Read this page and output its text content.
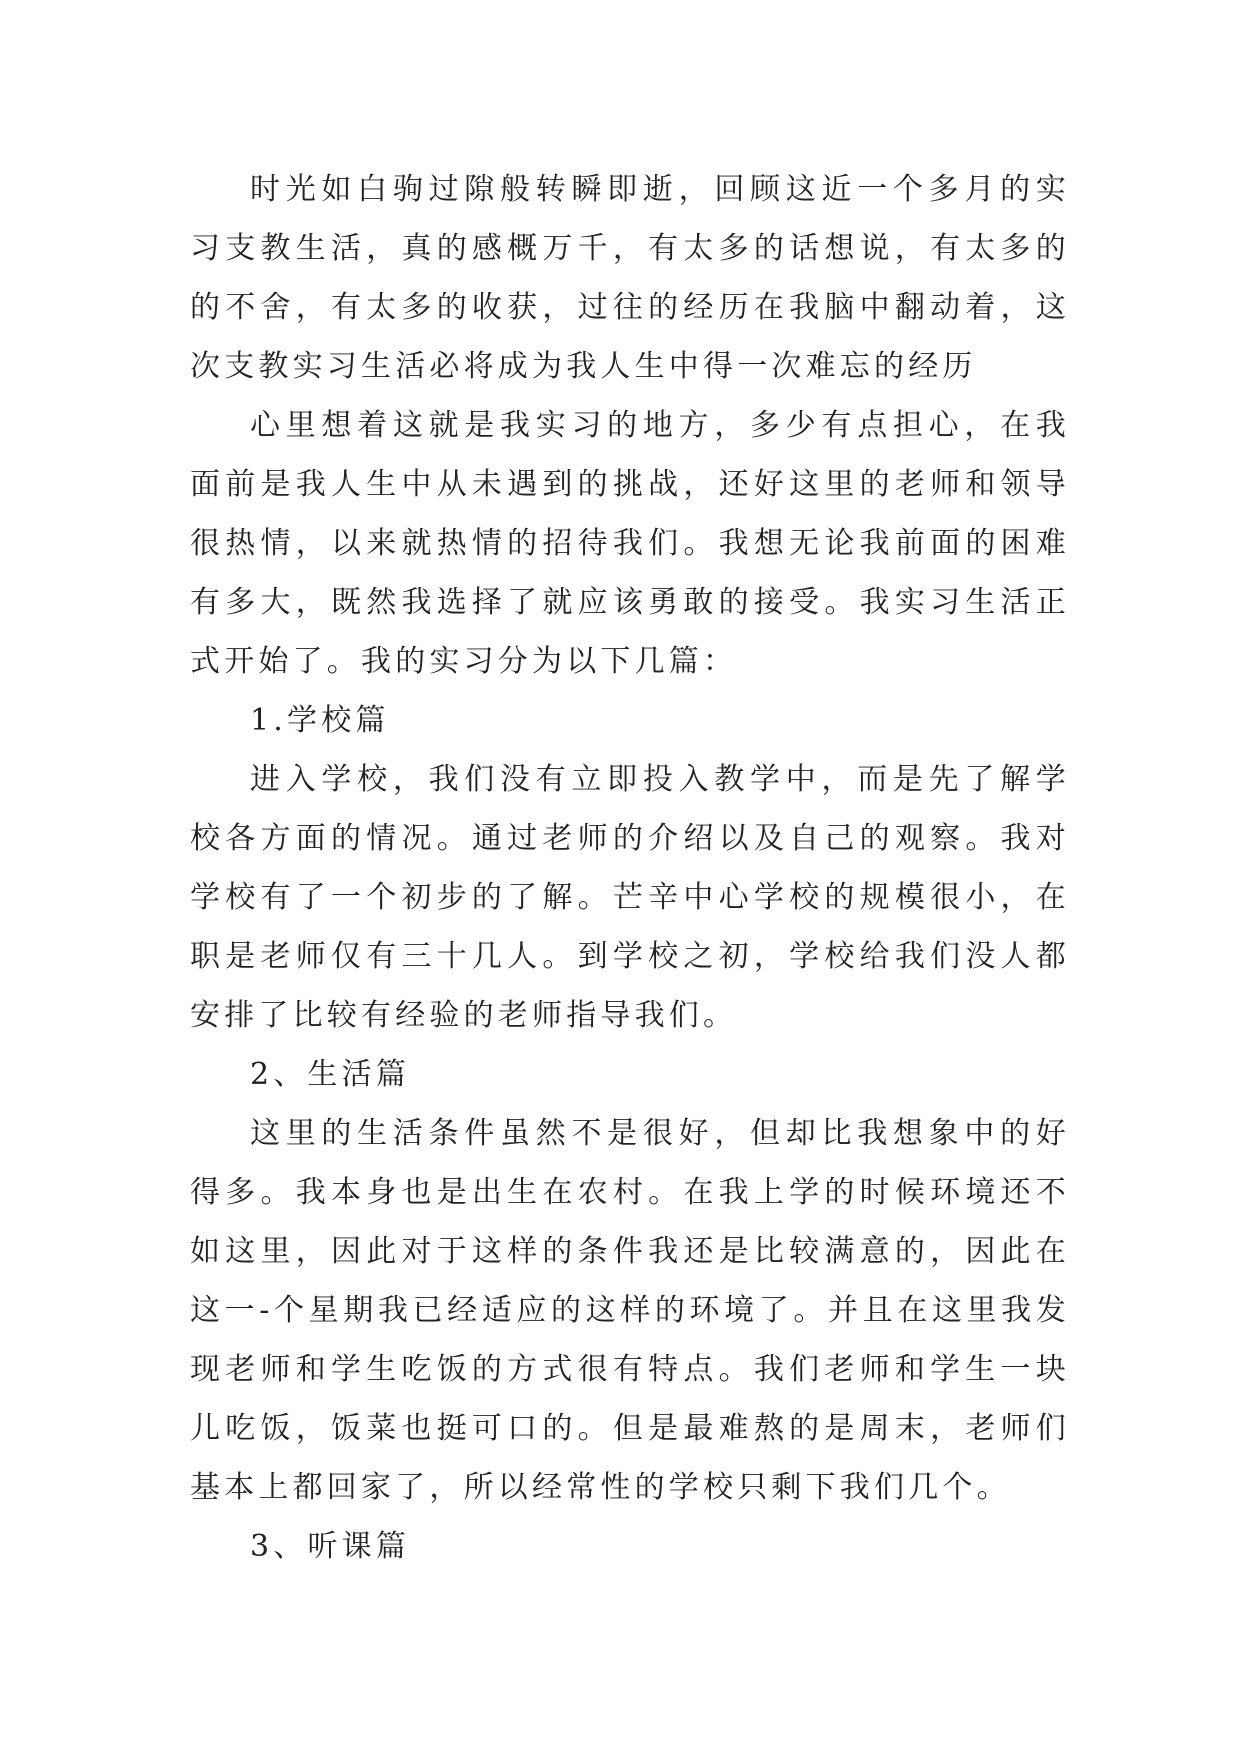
时光如白驹过隙般转瞬即逝，回顾这近一个多月的实习支教生活，真的感概万千，有太多的话想说，有太多的的不舍，有太多的收获，过往的经历在我脑中翻动着，这次支教实习生活必将成为我人生中得一次难忘的经历

心里想着这就是我实习的地方，多少有点担心，在我面前是我人生中从未遇到的挑战，还好这里的老师和领导很热情，以来就热情的招待我们。我想无论我前面的困难有多大，既然我选择了就应该勇敢的接受。我实习生活正式开始了。我的实习分为以下几篇：

1.学校篇

进入学校，我们没有立即投入教学中，而是先了解学校各方面的情况。通过老师的介绍以及自己的观察。我对学校有了一个初步的了解。芒辛中心学校的规模很小，在职是老师仅有三十几人。到学校之初，学校给我们没人都安排了比较有经验的老师指导我们。

2、生活篇

这里的生活条件虽然不是很好，但却比我想象中的好得多。我本身也是出生在农村。在我上学的时候环境还不如这里，因此对于这样的条件我还是比较满意的，因此在这一-个星期我已经适应的这样的环境了。并且在这里我发现老师和学生吃饭的方式很有特点。我们老师和学生一块儿吃饭，饭菜也挺可口的。但是最难熬的是周末，老师们基本上都回家了，所以经常性的学校只剩下我们几个。

3、听课篇
